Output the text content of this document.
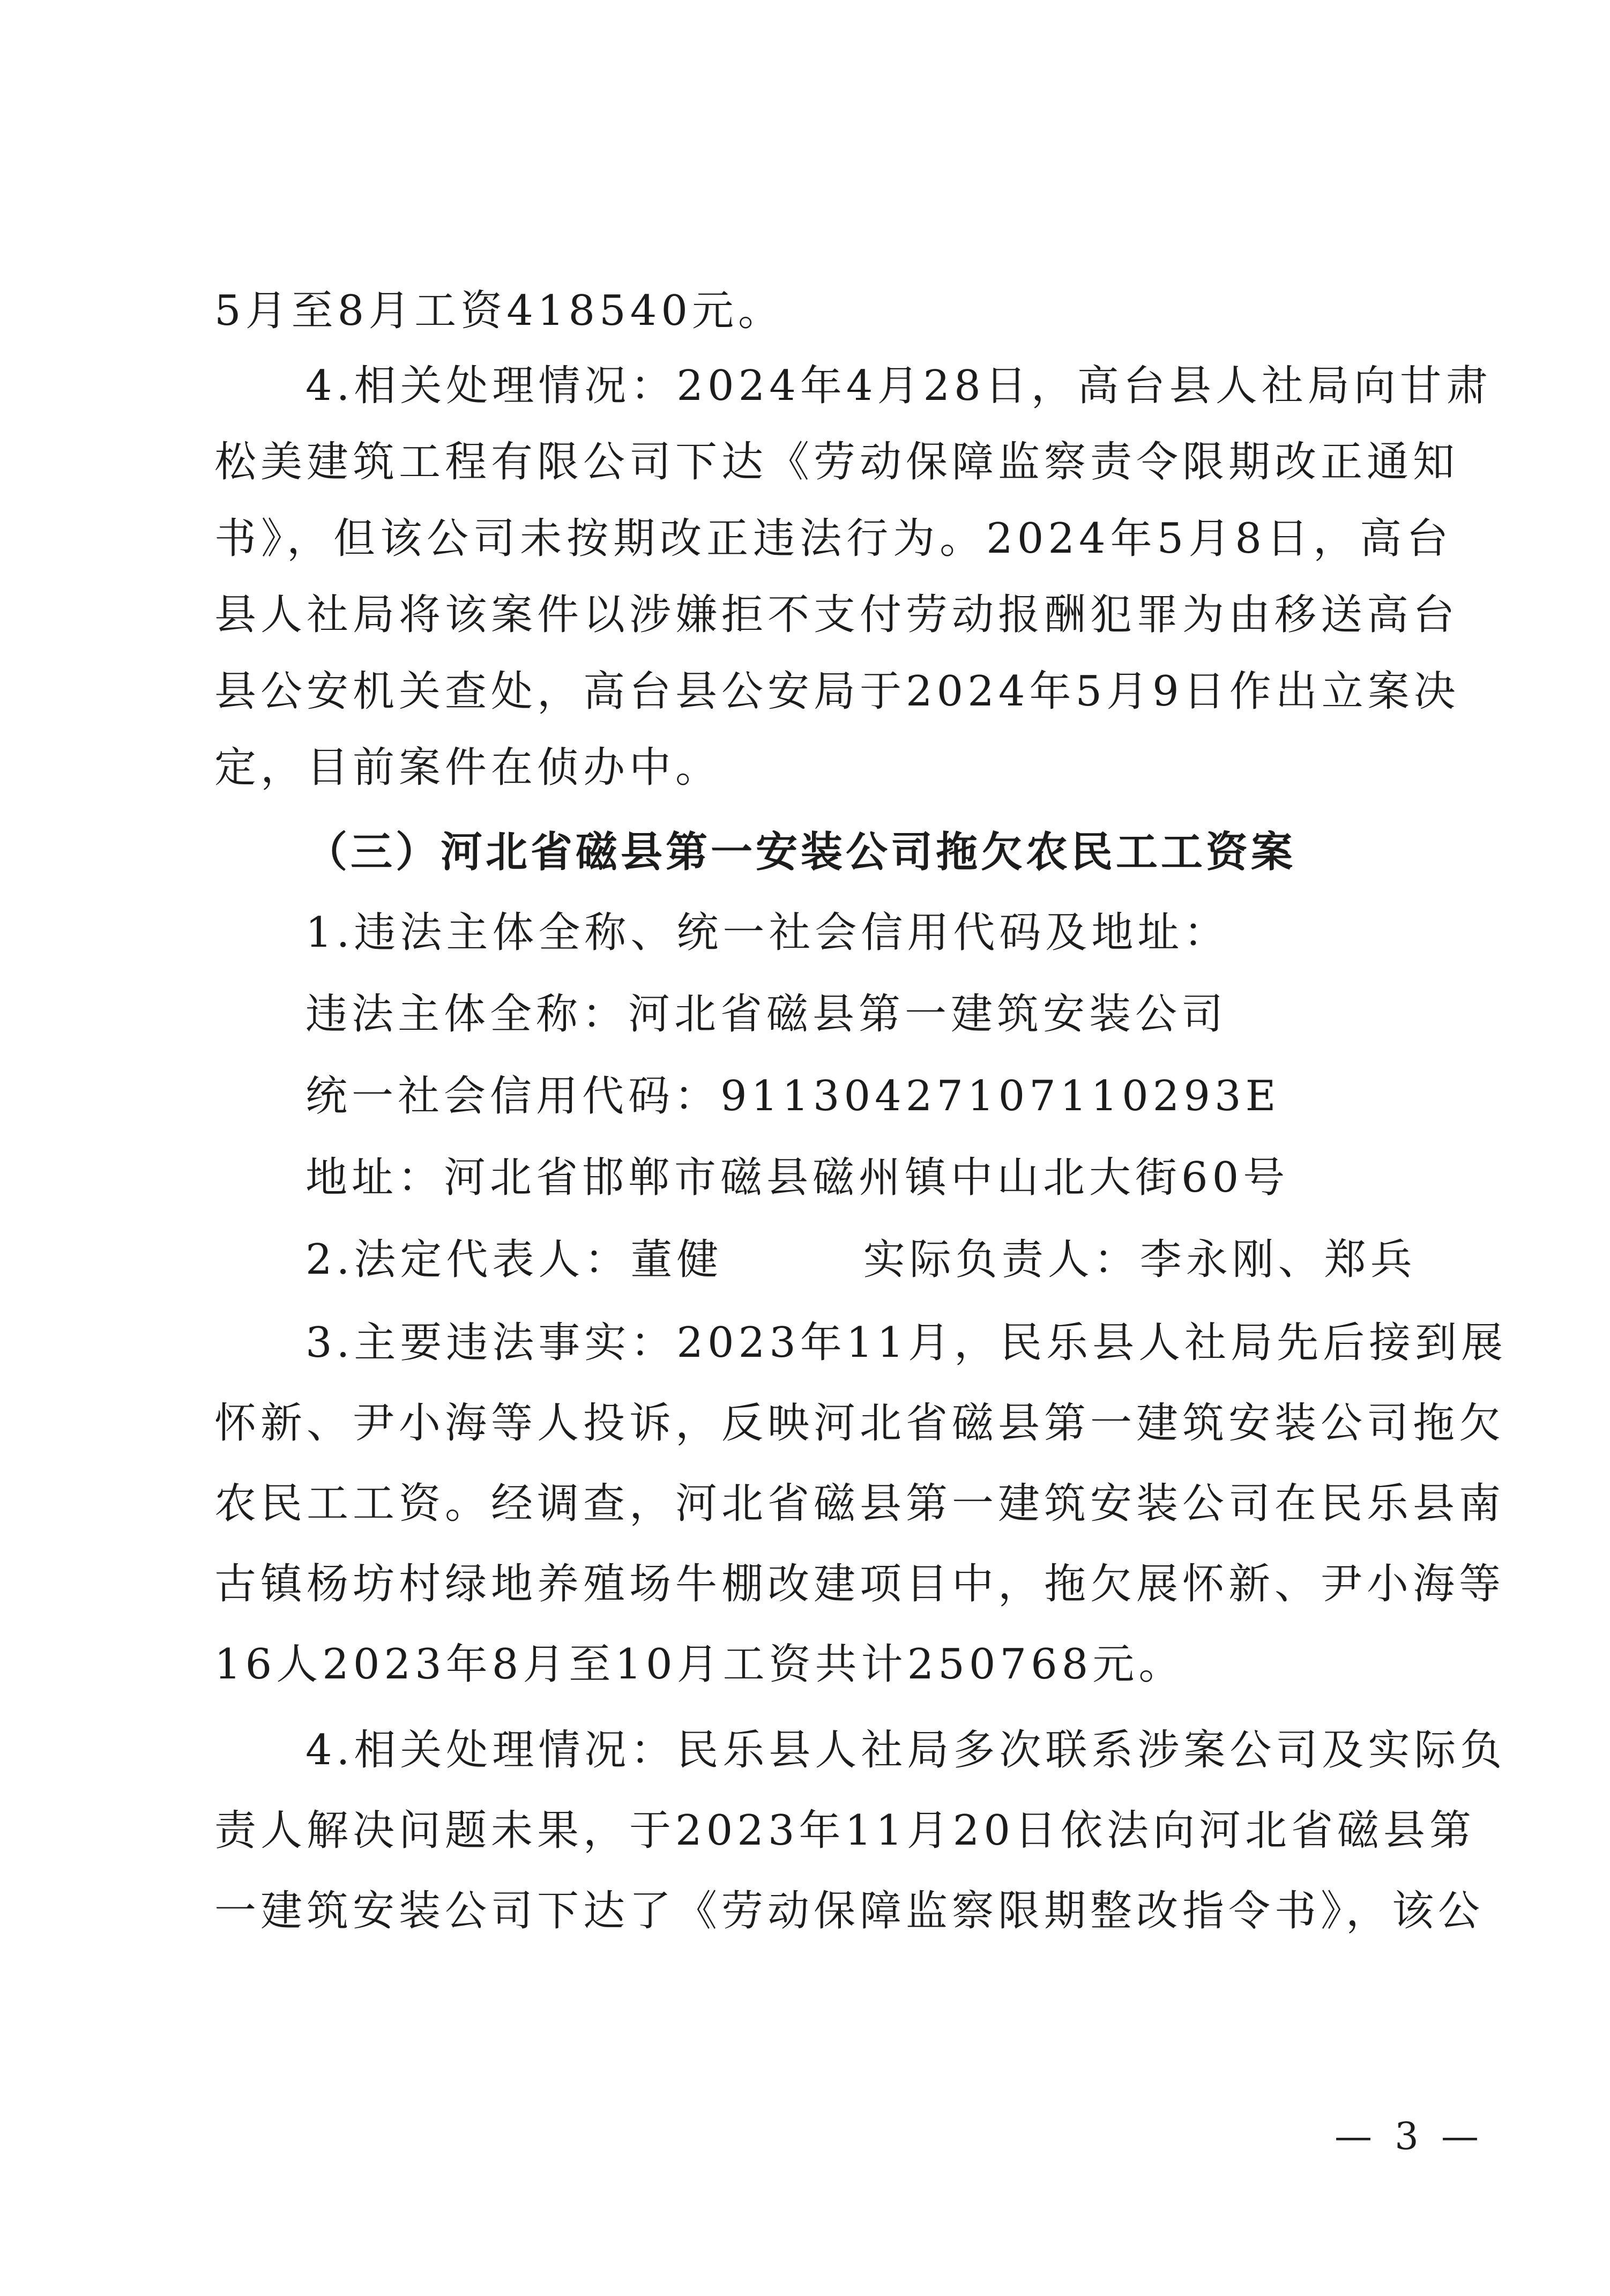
5月至8月工资418540元。
4.相关处理情况：2024年4月28日，高台县人社局向甘肃
松美建筑工程有限公司下达《劳动保障监察责令限期改正通知
书》，但该公司未按期改正违法行为。2024年5月8日，高台
县人社局将该案件以涉嫌拒不支付劳动报酬犯罪为由移送高台
县公安机关查处，高台县公安局于2024年5月9日作出立案决
定，目前案件在侦办中。
（三）河北省磁县第一安装公司拖欠农民工工资案
1.违法主体全称、统一社会信用代码及地址：
违法主体全称：河北省磁县第一建筑安装公司
统一社会信用代码：91130427107110293E
地址：河北省邯郸市磁县磁州镇中山北大街60号
2.法定代表人：董健        实际负责人：李永刚、郑兵
3.主要违法事实：2023年11月，民乐县人社局先后接到展
怀新、尹小海等人投诉，反映河北省磁县第一建筑安装公司拖欠
农民工工资。经调查，河北省磁县第一建筑安装公司在民乐县南
古镇杨坊村绿地养殖场牛棚改建项目中，拖欠展怀新、尹小海等
16人2023年8月至10月工资共计250768元。
4.相关处理情况：民乐县人社局多次联系涉案公司及实际负
责人解决问题未果，于2023年11月20日依法向河北省磁县第
一建筑安装公司下达了《劳动保障监察限期整改指令书》，该公
— 3 —
